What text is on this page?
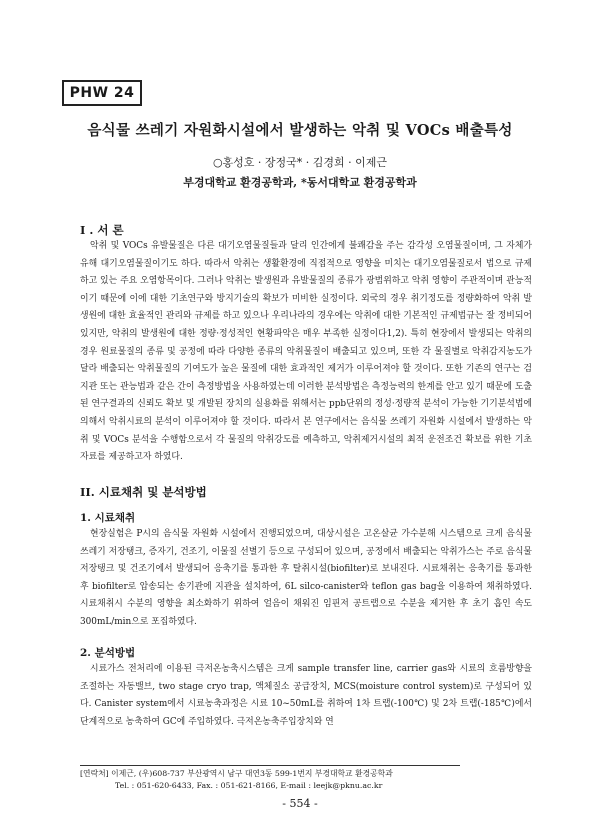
PHW 24
음식물 쓰레기 자원화시설에서 발생하는 악취 및 VOCs 배출특성
○홍성호 · 장정국* · 김경희 · 이제근
부경대학교 환경공학과, *동서대학교 환경공학과
I . 서 론

악취 및 VOCs 유발물질은 다른 대기오염물질들과 달리 인간에게 불쾌감을 주는 감각성 오염물질이며, 그 자체가 유해 대기오염물질이기도 하다. 따라서 악취는 생활환경에 직접적으로 영향을 미치는 대기오염물질로서 법으로 규제하고 있는 주요 오염항목이다. 그러나 악취는 발생원과 유발물질의 종류가 광범위하고 악취 영향이 주관적이며 관능적이기 때문에 이에 대한 기초연구와 방지기술의 확보가 미비한 실정이다. 외국의 경우 취기정도를 정량화하여 악취 발생원에 대한 효율적인 관리와 규제를 하고 있으나 우리나라의 경우에는 악취에 대한 기본적인 규제법규는 잘 정비되어 있지만, 악취의 발생원에 대한 정량·정성적인 현황파악은 매우 부족한 실정이다1,2). 특히 현장에서 발생되는 악취의 경우 원료물질의 종류 및 공정에 따라 다양한 종류의 악취물질이 배출되고 있으며, 또한 각 물질별로 악취감지농도가 달라 배출되는 악취물질의 기여도가 높은 물질에 대한 효과적인 제거가 이루어져야 할 것이다. 또한 기존의 연구는 검지관 또는 관능법과 같은 간이 측정방법을 사용하였는데 이러한 분석방법은 측정능력의 한계를 안고 있기 때문에 도출된 연구결과의 신뢰도 확보 및 개발된 장치의 실용화를 위해서는 ppb단위의 정성·정량적 분석이 가능한 기기분석법에 의해서 악취시료의 분석이 이루어져야 할 것이다. 따라서 본 연구에서는 음식물 쓰레기 자원화 시설에서 발생하는 악취 및 VOCs 분석을 수행함으로서 각 물질의 악취강도를 예측하고, 악취제거시설의 최적 운전조건 확보를 위한 기초자료를 제공하고자 하였다.

II. 시료채취 및 분석방법
1. 시료채취

현장실험은 P시의 음식물 자원화 시설에서 진행되었으며, 대상시설은 고온살균 가수분해 시스템으로 크게 음식물 쓰레기 저장탱크, 증자기, 건조기, 이물질 선별기 등으로 구성되어 있으며, 공정에서 배출되는 악취가스는 주로 음식물 저장탱크 및 건조기에서 발생되어 응축기를 통과한 후 탈취시설(biofilter)로 보내진다. 시료채취는 응축기를 통과한 후 biofilter로 압송되는 송기관에 지관을 설치하여, 6L silco-canister와 teflon gas bag을 이용하여 채취하였다. 시료채취시 수분의 영향을 최소화하기 위하여 얼음이 채워진 임핀저 공트랩으로 수분을 제거한 후 초기 흡인 속도 300mL/min으로 포집하였다.

2. 분석방법

시료가스 전처리에 이용된 극저온농축시스템은 크게 sample transfer line, carrier gas와 시료의 흐름방향을 조절하는 자동밸브, two stage cryo trap, 액체질소 공급장치, MCS(moisture control system)로 구성되어 있다. Canister system에서 시료농축과정은 시료 10~50mL를 취하여 1차 트랩(-100℃) 및 2차 트랩(-185℃)에서 단계적으로 농축하여 GC에 주입하였다. 극저온농축주입장치와 연

[연락처] 이제근, (우)608-737 부산광역시 남구 대연3동 599-1번지 부경대학교 환경공학과
Tel. : 051-620-6433, Fax. : 051-621-8166, E-mail : leejk@pknu.ac.kr
- 554 -
